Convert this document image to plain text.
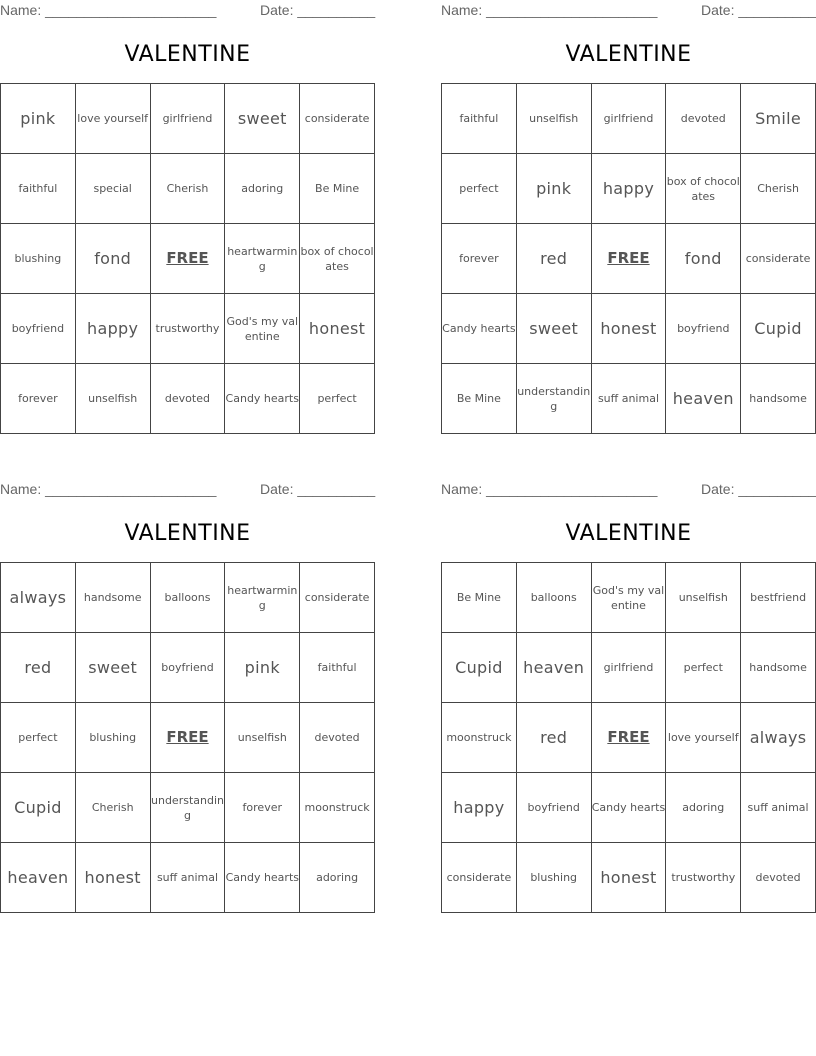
Name: ______________________	Date: __________
VALENTINE
pink	love yourself	girlfriend	sweet	considerate
faithful	special	Cherish	adoring	Be Mine
blushing	fond	FREE	heartwarming	box of chocolates
boyfriend	happy	trustworthy	God's my valentine	honest
forever	unselfish	devoted	Candy hearts	perfect
Name: ______________________	Date: __________
VALENTINE
faithful	unselfish	girlfriend	devoted	Smile
perfect	pink	happy	box of chocolates	Cherish
forever	red	FREE	fond	considerate
Candy hearts	sweet	honest	boyfriend	Cupid
Be Mine	understanding	suff animal	heaven	handsome
Name: ______________________	Date: __________
VALENTINE
always	handsome	balloons	heartwarming	considerate
red	sweet	boyfriend	pink	faithful
perfect	blushing	FREE	unselfish	devoted
Cupid	Cherish	understanding	forever	moonstruck
heaven	honest	suff animal	Candy hearts	adoring
Name: ______________________	Date: __________
VALENTINE
Be Mine	balloons	God's my valentine	unselfish	bestfriend
Cupid	heaven	girlfriend	perfect	handsome
moonstruck	red	FREE	love yourself	always
happy	boyfriend	Candy hearts	adoring	suff animal
considerate	blushing	honest	trustworthy	devoted
